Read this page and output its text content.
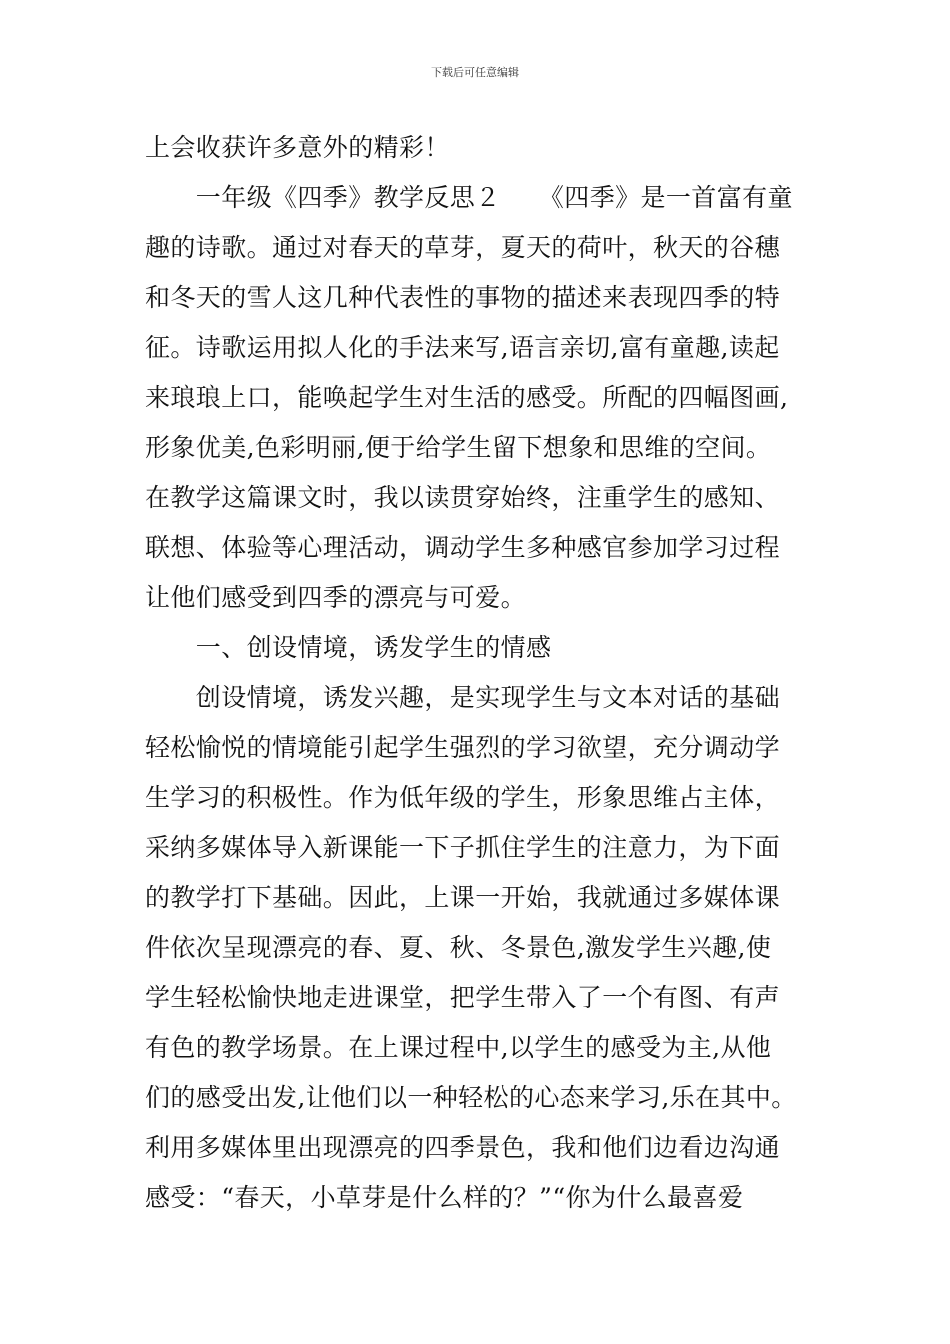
下载后可任意编辑
上会收获许多意外的精彩！
　　一年级《四季》教学反思２　　《四季》是一首富有童
趣的诗歌。通过对春天的草芽，夏天的荷叶，秋天的谷穗
和冬天的雪人这几种代表性的事物的描述来表现四季的特
征。诗歌运用拟人化的手法来写,语言亲切,富有童趣,读起
来琅琅上口，能唤起学生对生活的感受。所配的四幅图画,
形象优美,色彩明丽,便于给学生留下想象和思维的空间。
在教学这篇课文时，我以读贯穿始终，注重学生的感知、
联想、体验等心理活动，调动学生多种感官参加学习过程
让他们感受到四季的漂亮与可爱。
　　一、创设情境，诱发学生的情感
　　创设情境，诱发兴趣，是实现学生与文本对话的基础
轻松愉悦的情境能引起学生强烈的学习欲望，充分调动学
生学习的积极性。作为低年级的学生，形象思维占主体，
采纳多媒体导入新课能一下子抓住学生的注意力，为下面
的教学打下基础。因此，上课一开始，我就通过多媒体课
件依次呈现漂亮的春、夏、秋、冬景色,激发学生兴趣,使
学生轻松愉快地走进课堂，把学生带入了一个有图、有声
有色的教学场景。在上课过程中,以学生的感受为主,从他
们的感受出发,让他们以一种轻松的心态来学习,乐在其中。
利用多媒体里出现漂亮的四季景色，我和他们边看边沟通
感受：“春天，小草芽是什么样的？”“你为什么最喜爱
